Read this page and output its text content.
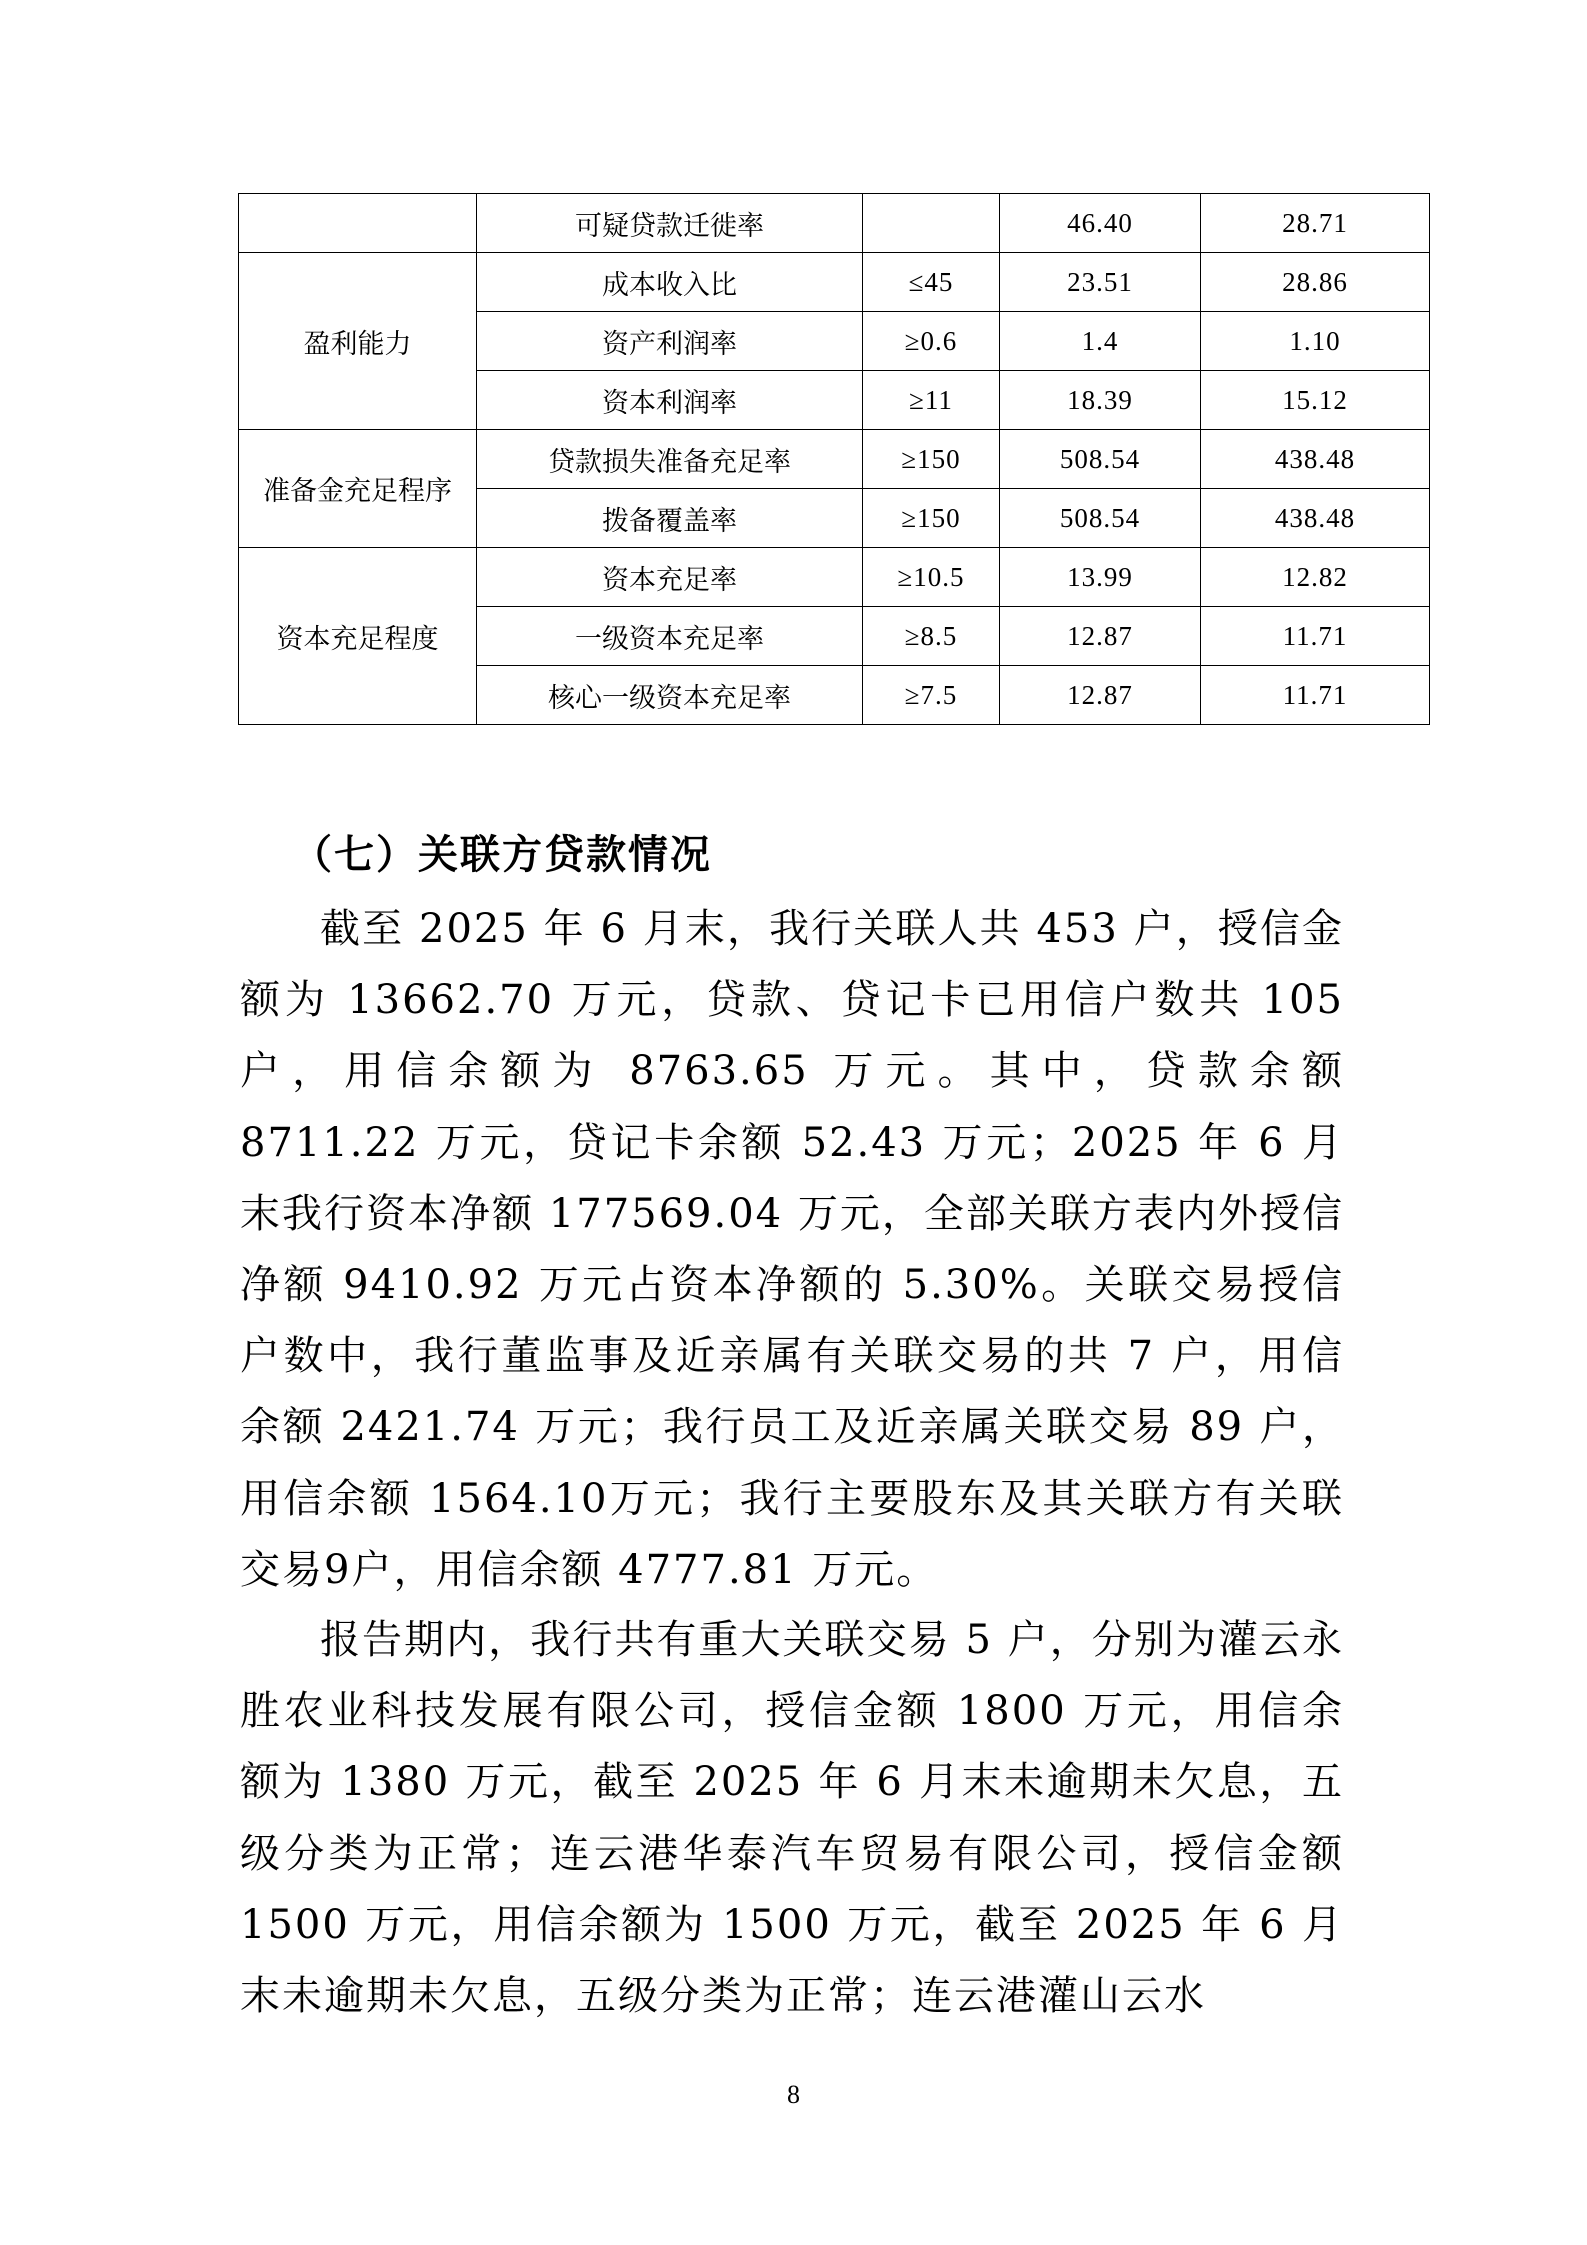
	可疑贷款迁徙率		46.40	28.71
盈利能力	成本收入比	≤45	23.51	28.86
	资产利润率	≥0.6	1.4	1.10
	资本利润率	≥11	18.39	15.12
准备金充足程序	贷款损失准备充足率	≥150	508.54	438.48
	拨备覆盖率	≥150	508.54	438.48
资本充足程度	资本充足率	≥10.5	13.99	12.82
	一级资本充足率	≥8.5	12.87	11.71
	核心一级资本充足率	≥7.5	12.87	11.71
（七）关联方贷款情况

截至 2025 年 6 月末，我行关联人共 453 户，授信金额为 13662.70 万元，贷款、贷记卡已用信户数共 105 户，用信余额为 8763.65 万元。其中，贷款余额 8711.22 万元，贷记卡余额 52.43 万元；2025 年 6 月末我行资本净额 177569.04 万元，全部关联方表内外授信净额 9410.92 万元占资本净额的 5.30%。关联交易授信户数中，我行董监事及近亲属有关联交易的共 7 户，用信余额 2421.74 万元；我行员工及近亲属关联交易 89 户，用信余额 1564.10万元；我行主要股东及其关联方有关联交易9户，用信余额 4777.81 万元。

报告期内，我行共有重大关联交易 5 户，分别为灌云永胜农业科技发展有限公司，授信金额 1800 万元，用信余额为 1380 万元，截至 2025 年 6 月末未逾期未欠息，五级分类为正常；连云港华泰汽车贸易有限公司，授信金额 1500 万元，用信余额为 1500 万元，截至 2025 年 6 月末未逾期未欠息，五级分类为正常；连云港灌山云水

8
